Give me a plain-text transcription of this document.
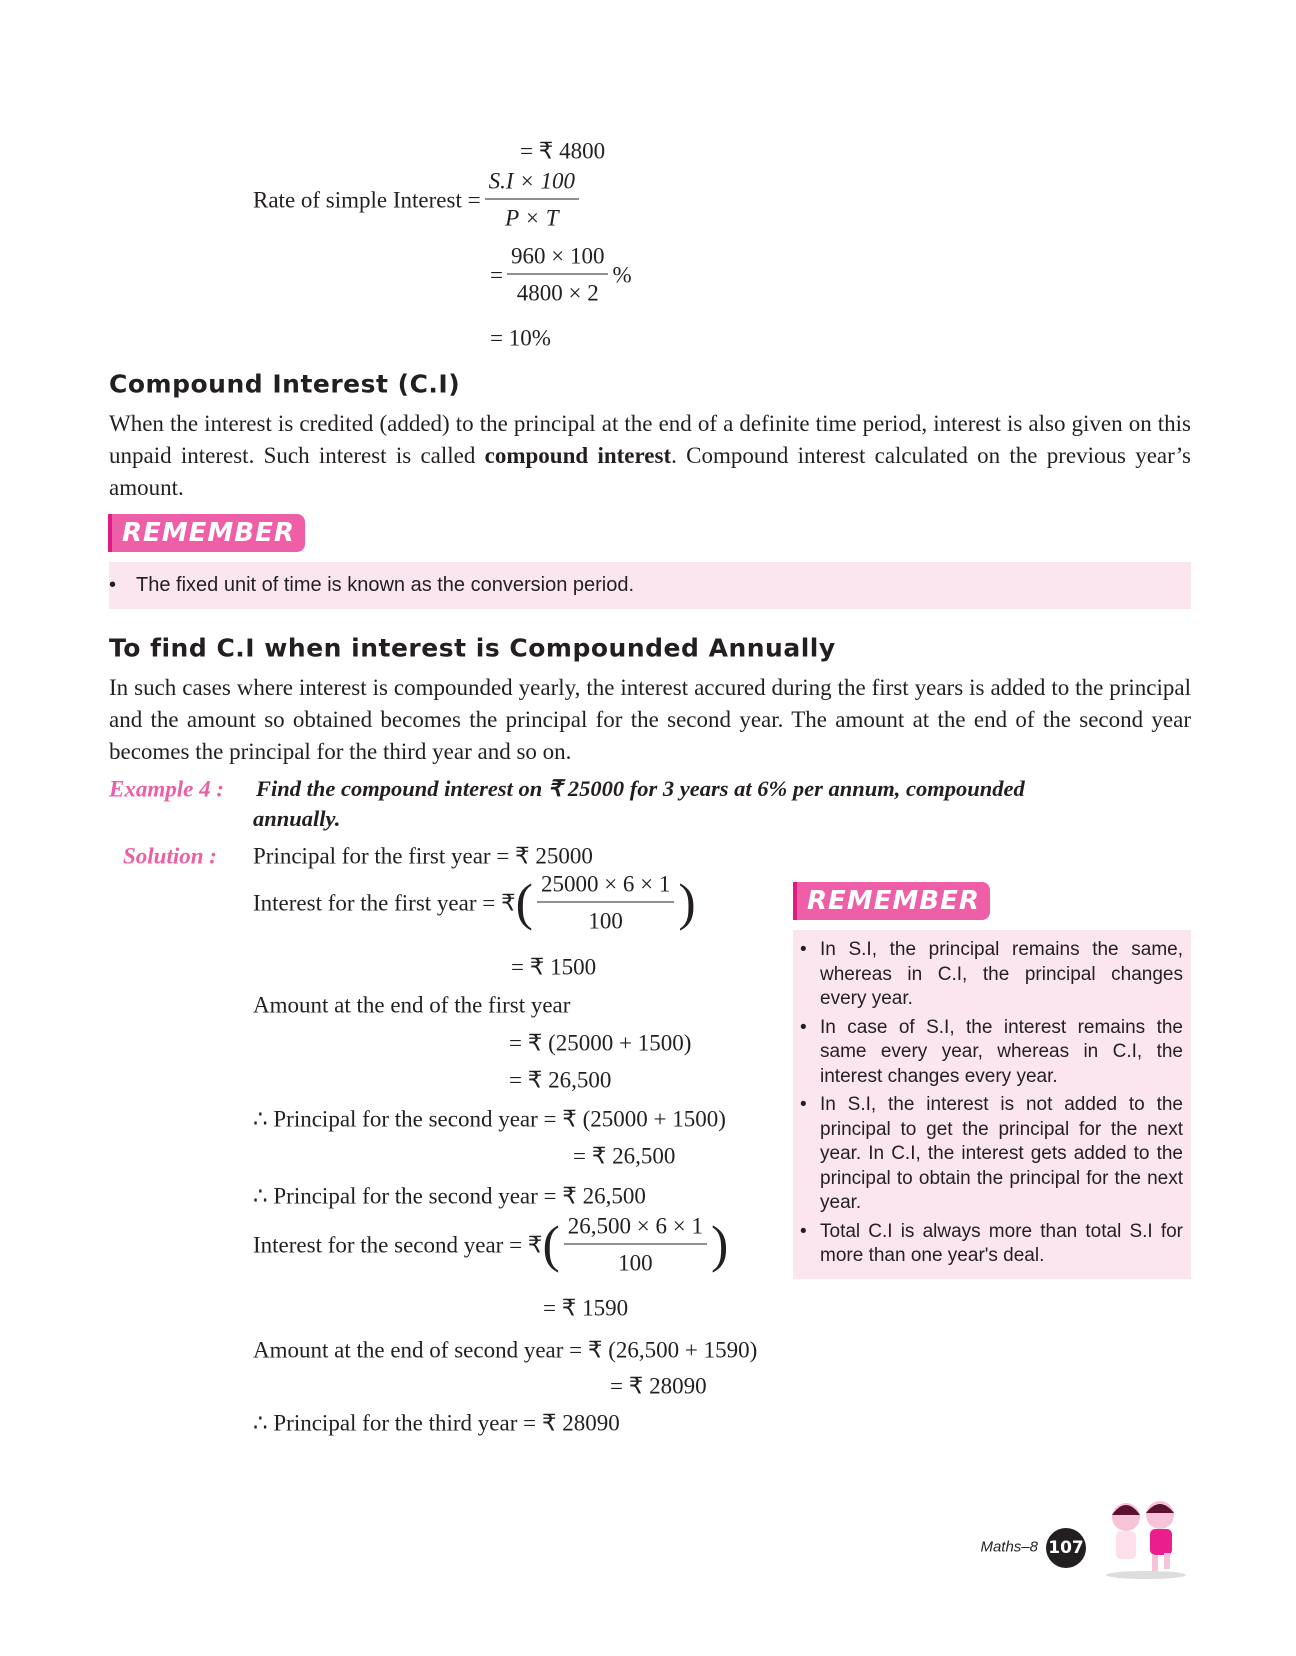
= ₹ 4800
Rate of simple Interest = $\frac{S.I \times 100}{P \times T}$
= $\frac{960 \times 100}{4800 \times 2}$ %
= 10%
Compound Interest (C.I)
When the interest is credited (added) to the principal at the end of a definite time period, interest is also given on this unpaid interest. Such interest is called compound interest. Compound interest calculated on the previous year’s amount.
REMEMBER
• The fixed unit of time is known as the conversion period.
To find C.I when interest is Compounded Annually
In such cases where interest is compounded yearly, the interest accured during the first years is added to the principal and the amount so obtained becomes the principal for the second year. The amount at the end of the second year becomes the principal for the third year and so on.
Example 4 : Find the compound interest on ₹ 25000 for 3 years at 6% per annum, compounded
annually.
Solution : Principal for the first year = ₹ 25000
Interest for the first year = ₹ ( $\frac{25000 \times 6 \times 1}{100}$ )
= ₹ 1500
Amount at the end of the first year
= ₹ (25000 + 1500)
= ₹ 26,500
∴ Principal for the second year = ₹ (25000 + 1500)
= ₹ 26,500
∴ Principal for the second year = ₹ 26,500
Interest for the second year = ₹ ( $\frac{26,500 \times 6 \times 1}{100}$ )
= ₹ 1590
Amount at the end of second year = ₹ (26,500 + 1590)
= ₹ 28090
∴ Principal for the third year = ₹ 28090
REMEMBER
• In S.I, the principal remains the same, whereas in C.I, the principal changes every year.
• In case of S.I, the interest remains the same every year, whereas in C.I, the interest changes every year.
• In S.I, the interest is not added to the principal to get the principal for the next year. In C.I, the interest gets added to the principal to obtain the principal for the next year.
• Total C.I is always more than total S.I for more than one year's deal.
Maths–8 107
